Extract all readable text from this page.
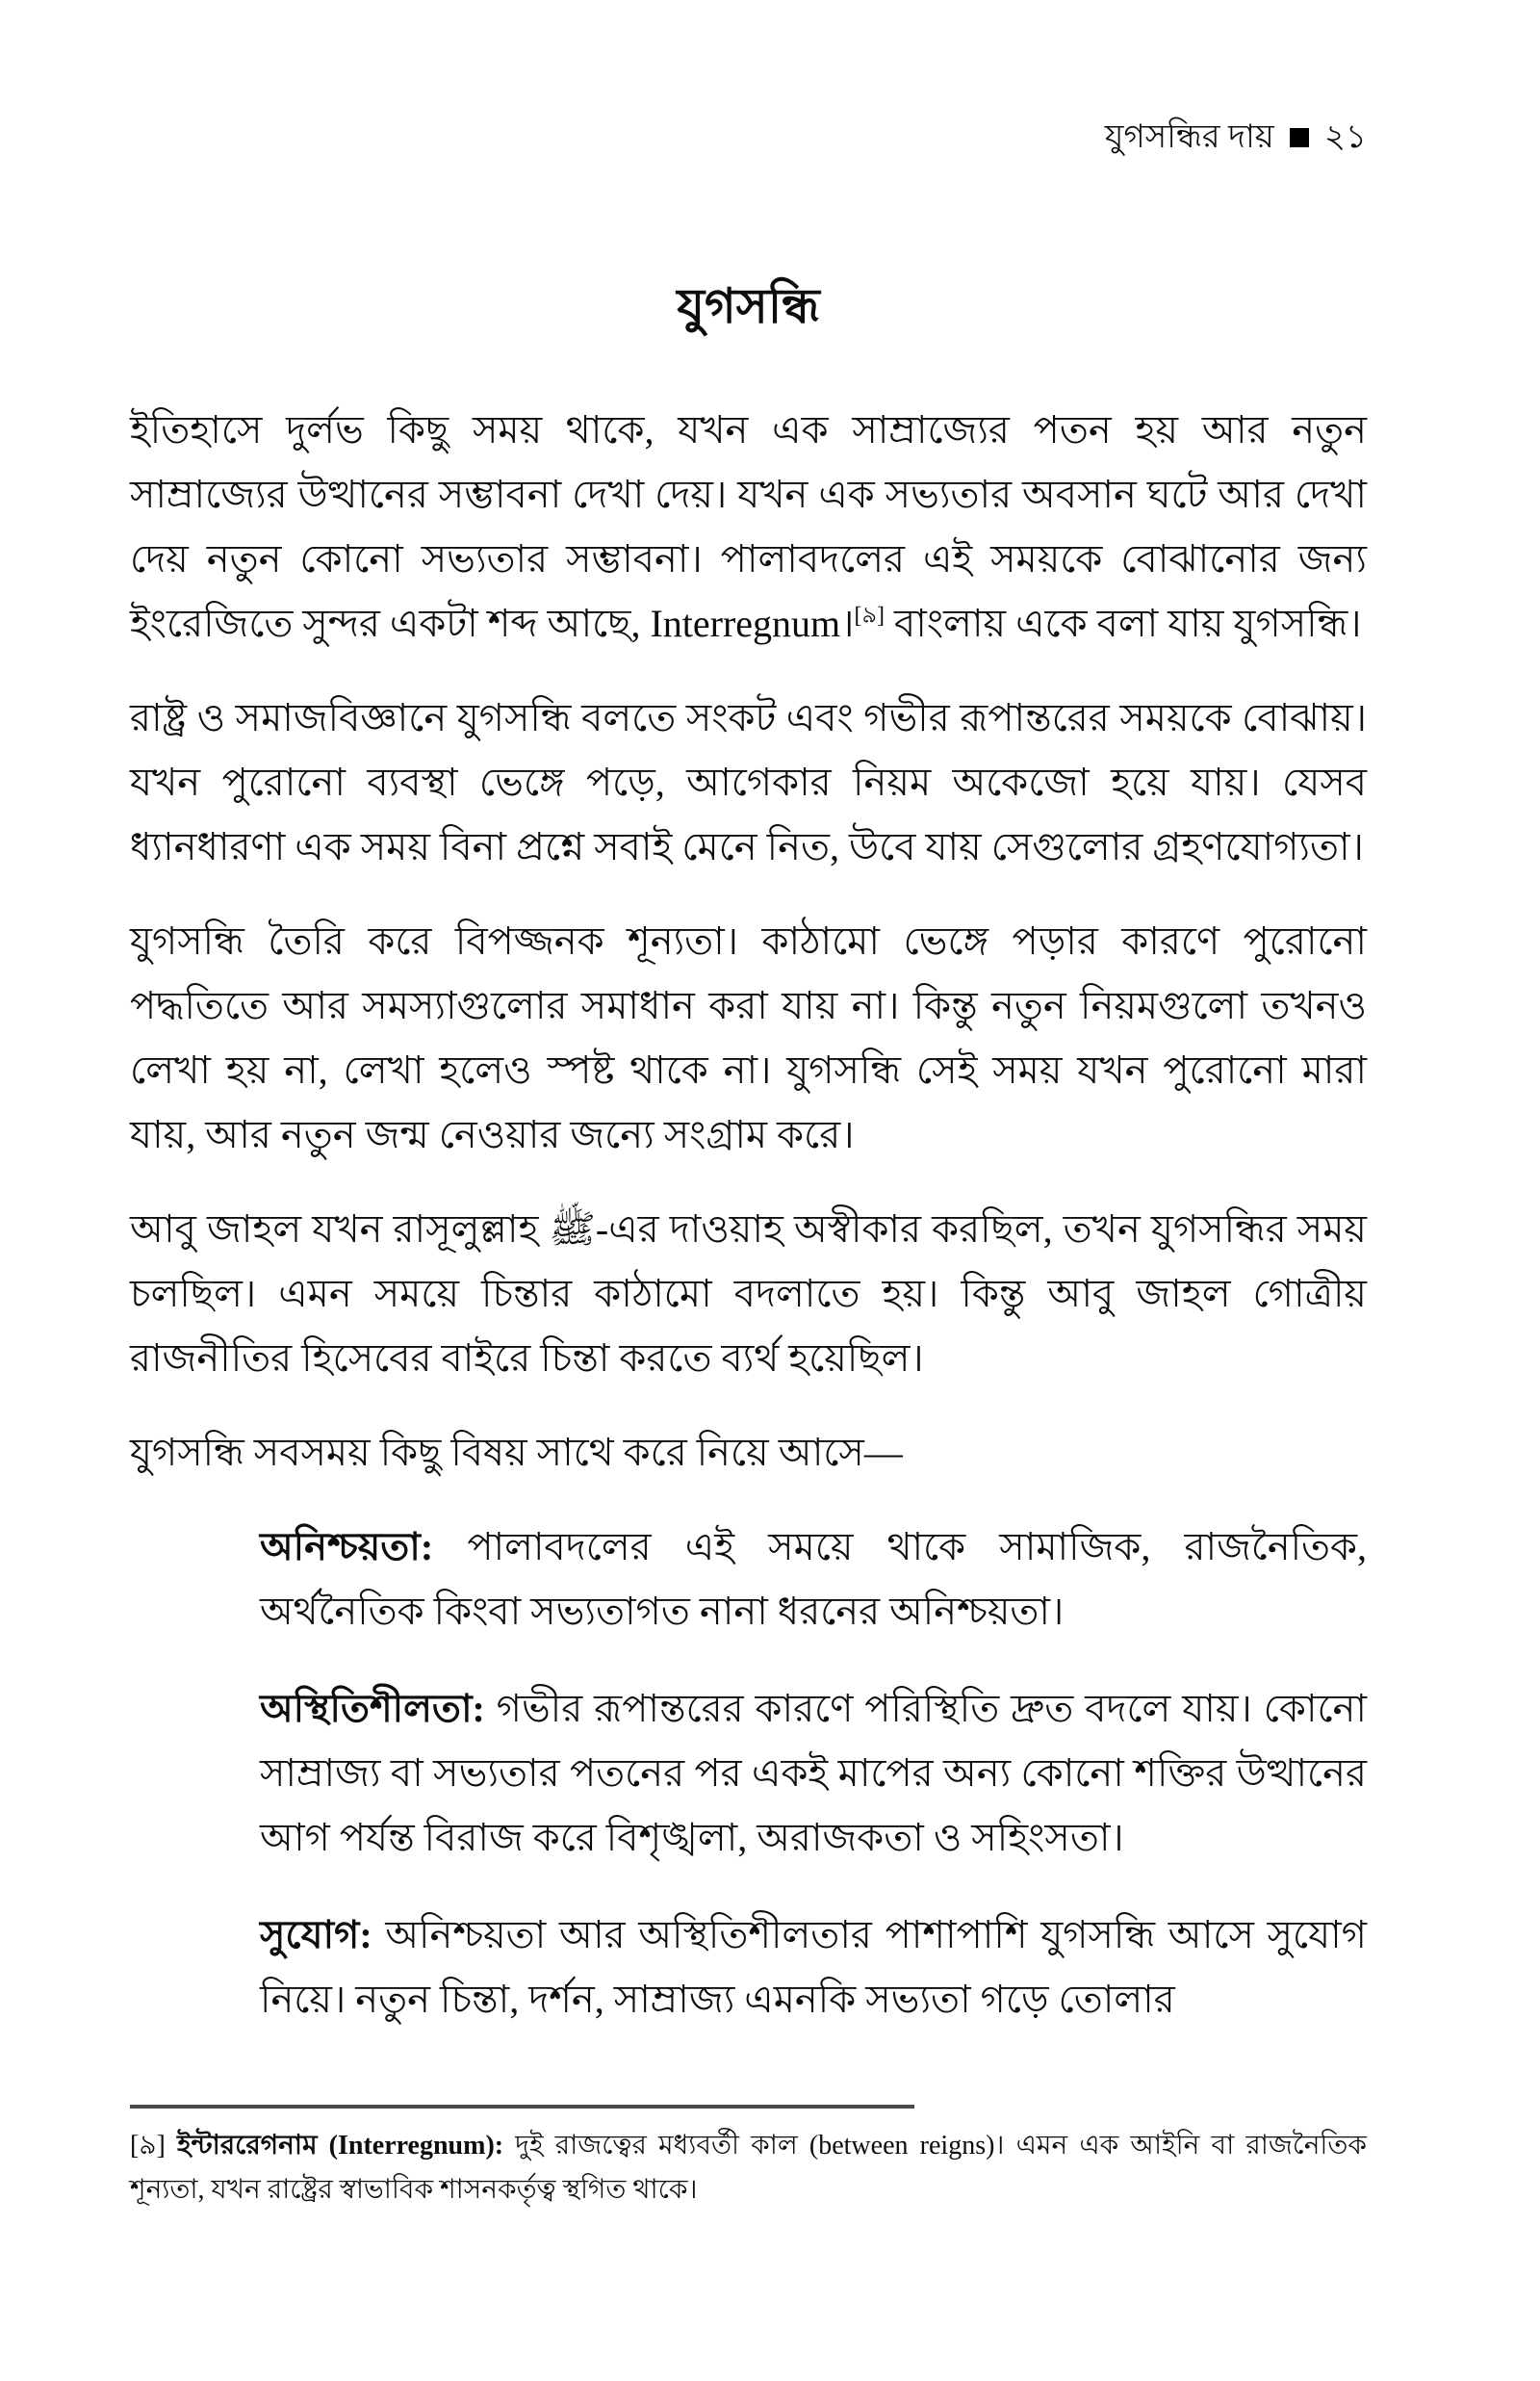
যুগসন্ধির দায় ২১
যুগসন্ধি

ইতিহাসে দুর্লভ কিছু সময় থাকে, যখন এক সাম্রাজ্যের পতন হয় আর নতুন সাম্রাজ্যের উত্থানের সম্ভাবনা দেখা দেয়। যখন এক সভ্যতার অবসান ঘটে আর দেখা দেয় নতুন কোনো সভ্যতার সম্ভাবনা। পালাবদলের এই সময়কে বোঝানোর জন্য ইংরেজিতে সুন্দর একটা শব্দ আছে, Interregnum।[৯] বাংলায় একে বলা যায় যুগসন্ধি।

রাষ্ট্র ও সমাজবিজ্ঞানে যুগসন্ধি বলতে সংকট এবং গভীর রূপান্তরের সময়কে বোঝায়। যখন পুরোনো ব্যবস্থা ভেঙ্গে পড়ে, আগেকার নিয়ম অকেজো হয়ে যায়। যেসব ধ্যানধারণা এক সময় বিনা প্রশ্নে সবাই মেনে নিত, উবে যায় সেগুলোর গ্রহণযোগ্যতা।

যুগসন্ধি তৈরি করে বিপজ্জনক শূন্যতা। কাঠামো ভেঙ্গে পড়ার কারণে পুরোনো পদ্ধতিতে আর সমস্যাগুলোর সমাধান করা যায় না। কিন্তু নতুন নিয়মগুলো তখনও লেখা হয় না, লেখা হলেও স্পষ্ট থাকে না। যুগসন্ধি সেই সময় যখন পুরোনো মারা যায়, আর নতুন জন্ম নেওয়ার জন্যে সংগ্রাম করে।

আবু জাহল যখন রাসূলুল্লাহ ﷺ-এর দাওয়াহ অস্বীকার করছিল, তখন যুগসন্ধির সময় চলছিল। এমন সময়ে চিন্তার কাঠামো বদলাতে হয়। কিন্তু আবু জাহল গোত্রীয় রাজনীতির হিসেবের বাইরে চিন্তা করতে ব্যর্থ হয়েছিল।

যুগসন্ধি সবসময় কিছু বিষয় সাথে করে নিয়ে আসে—

অনিশ্চয়তা: পালাবদলের এই সময়ে থাকে সামাজিক, রাজনৈতিক, অর্থনৈতিক কিংবা সভ্যতাগত নানা ধরনের অনিশ্চয়তা।

অস্থিতিশীলতা: গভীর রূপান্তরের কারণে পরিস্থিতি দ্রুত বদলে যায়। কোনো সাম্রাজ্য বা সভ্যতার পতনের পর একই মাপের অন্য কোনো শক্তির উত্থানের আগ পর্যন্ত বিরাজ করে বিশৃঙ্খলা, অরাজকতা ও সহিংসতা।

সুযোগ: অনিশ্চয়তা আর অস্থিতিশীলতার পাশাপাশি যুগসন্ধি আসে সুযোগ নিয়ে। নতুন চিন্তা, দর্শন, সাম্রাজ্য এমনকি সভ্যতা গড়ে তোলার

[৯] ইন্টাররেগনাম (Interregnum): দুই রাজত্বের মধ্যবর্তী কাল (between reigns)। এমন এক আইনি বা রাজনৈতিক শূন্যতা, যখন রাষ্ট্রের স্বাভাবিক শাসনকর্তৃত্ব স্থগিত থাকে।
